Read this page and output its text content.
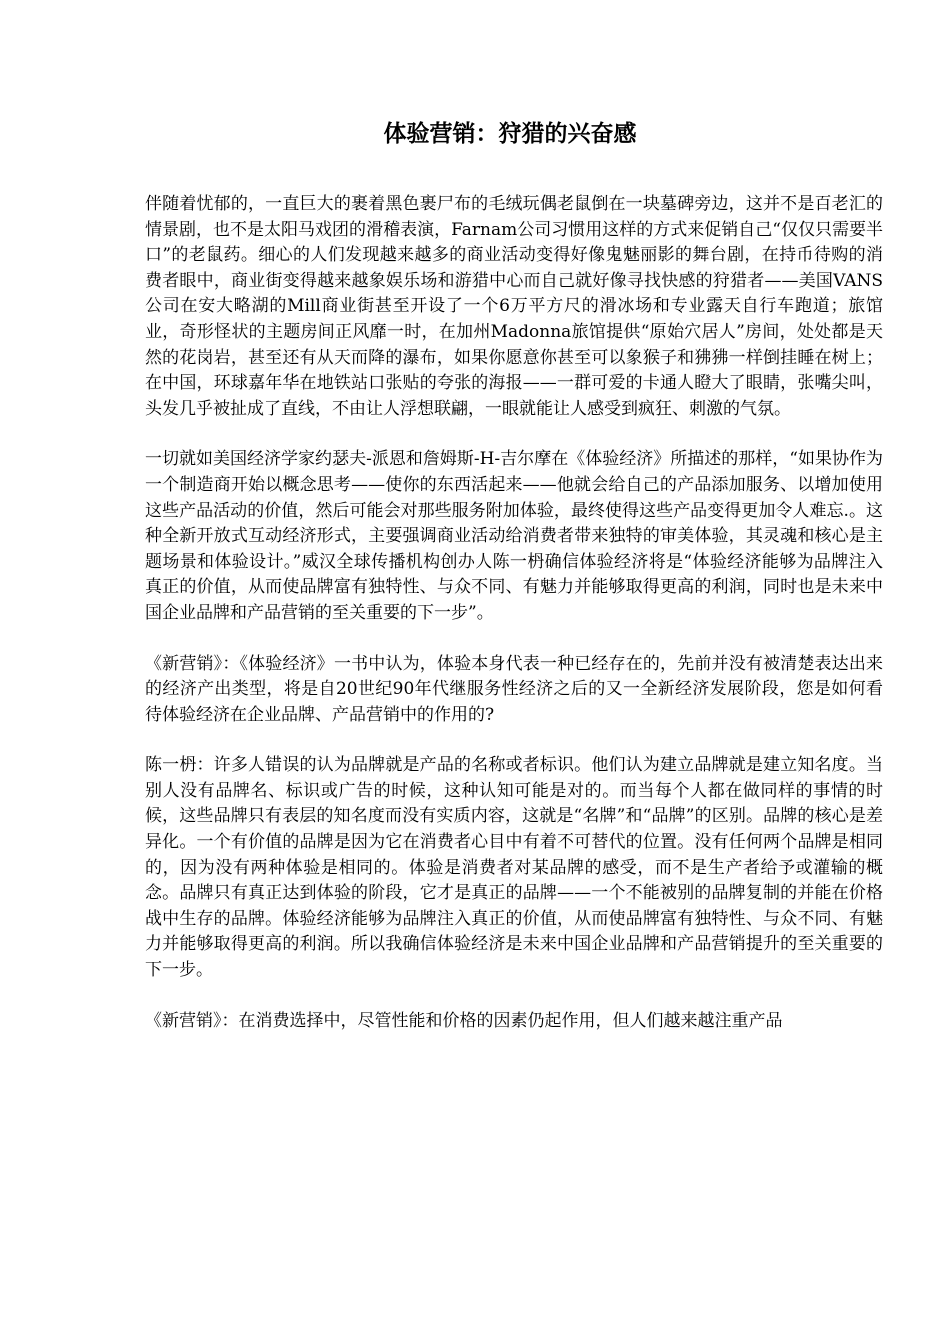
体验营销：狩猎的兴奋感

伴随着忧郁的，一直巨大的裹着黑色裹尸布的毛绒玩偶老鼠倒在一块墓碑旁边，这并不是百老汇的情景剧，也不是太阳马戏团的滑稽表演，Farnam公司习惯用这样的方式来促销自己“仅仅只需要半口”的老鼠药。细心的人们发现越来越多的商业活动变得好像鬼魅丽影的舞台剧，在持币待购的消费者眼中，商业街变得越来越象娱乐场和游猎中心而自己就好像寻找快感的狩猎者——美国VANS公司在安大略湖的Mill商业街甚至开设了一个6万平方尺的滑冰场和专业露天自行车跑道；旅馆业，奇形怪状的主题房间正风靡一时，在加州Madonna旅馆提供“原始穴居人”房间，处处都是天然的花岗岩，甚至还有从天而降的瀑布，如果你愿意你甚至可以象猴子和狒狒一样倒挂睡在树上；在中国，环球嘉年华在地铁站口张贴的夸张的海报——一群可爱的卡通人瞪大了眼睛，张嘴尖叫，头发几乎被扯成了直线，不由让人浮想联翩，一眼就能让人感受到疯狂、刺激的气氛。

一切就如美国经济学家约瑟夫-派恩和詹姆斯-H-吉尔摩在《体验经济》所描述的那样，“如果协作为一个制造商开始以概念思考——使你的东西活起来——他就会给自己的产品添加服务、以增加使用这些产品活动的价值，然后可能会对那些服务附加体验，最终使得这些产品变得更加令人难忘.。这种全新开放式互动经济形式，主要强调商业活动给消费者带来独特的审美体验，其灵魂和核心是主题场景和体验设计。”威汉全球传播机构创办人陈一枬确信体验经济将是“体验经济能够为品牌注入真正的价值，从而使品牌富有独特性、与众不同、有魅力并能够取得更高的利润，同时也是未来中国企业品牌和产品营销的至关重要的下一步”。

《新营销》：《体验经济》一书中认为，体验本身代表一种已经存在的，先前并没有被清楚表达出来的经济产出类型，将是自20世纪90年代继服务性经济之后的又一全新经济发展阶段，您是如何看待体验经济在企业品牌、产品营销中的作用的?

陈一枬：许多人错误的认为品牌就是产品的名称或者标识。他们认为建立品牌就是建立知名度。当别人没有品牌名、标识或广告的时候，这种认知可能是对的。而当每个人都在做同样的事情的时候，这些品牌只有表层的知名度而没有实质内容，这就是“名牌”和“品牌”的区别。品牌的核心是差异化。一个有价值的品牌是因为它在消费者心目中有着不可替代的位置。没有任何两个品牌是相同的，因为没有两种体验是相同的。体验是消费者对某品牌的感受，而不是生产者给予或灌输的概念。品牌只有真正达到体验的阶段，它才是真正的品牌——一个不能被别的品牌复制的并能在价格战中生存的品牌。体验经济能够为品牌注入真正的价值，从而使品牌富有独特性、与众不同、有魅力并能够取得更高的利润。所以我确信体验经济是未来中国企业品牌和产品营销提升的至关重要的下一步。

《新营销》：在消费选择中，尽管性能和价格的因素仍起作用，但人们越来越注重产品
